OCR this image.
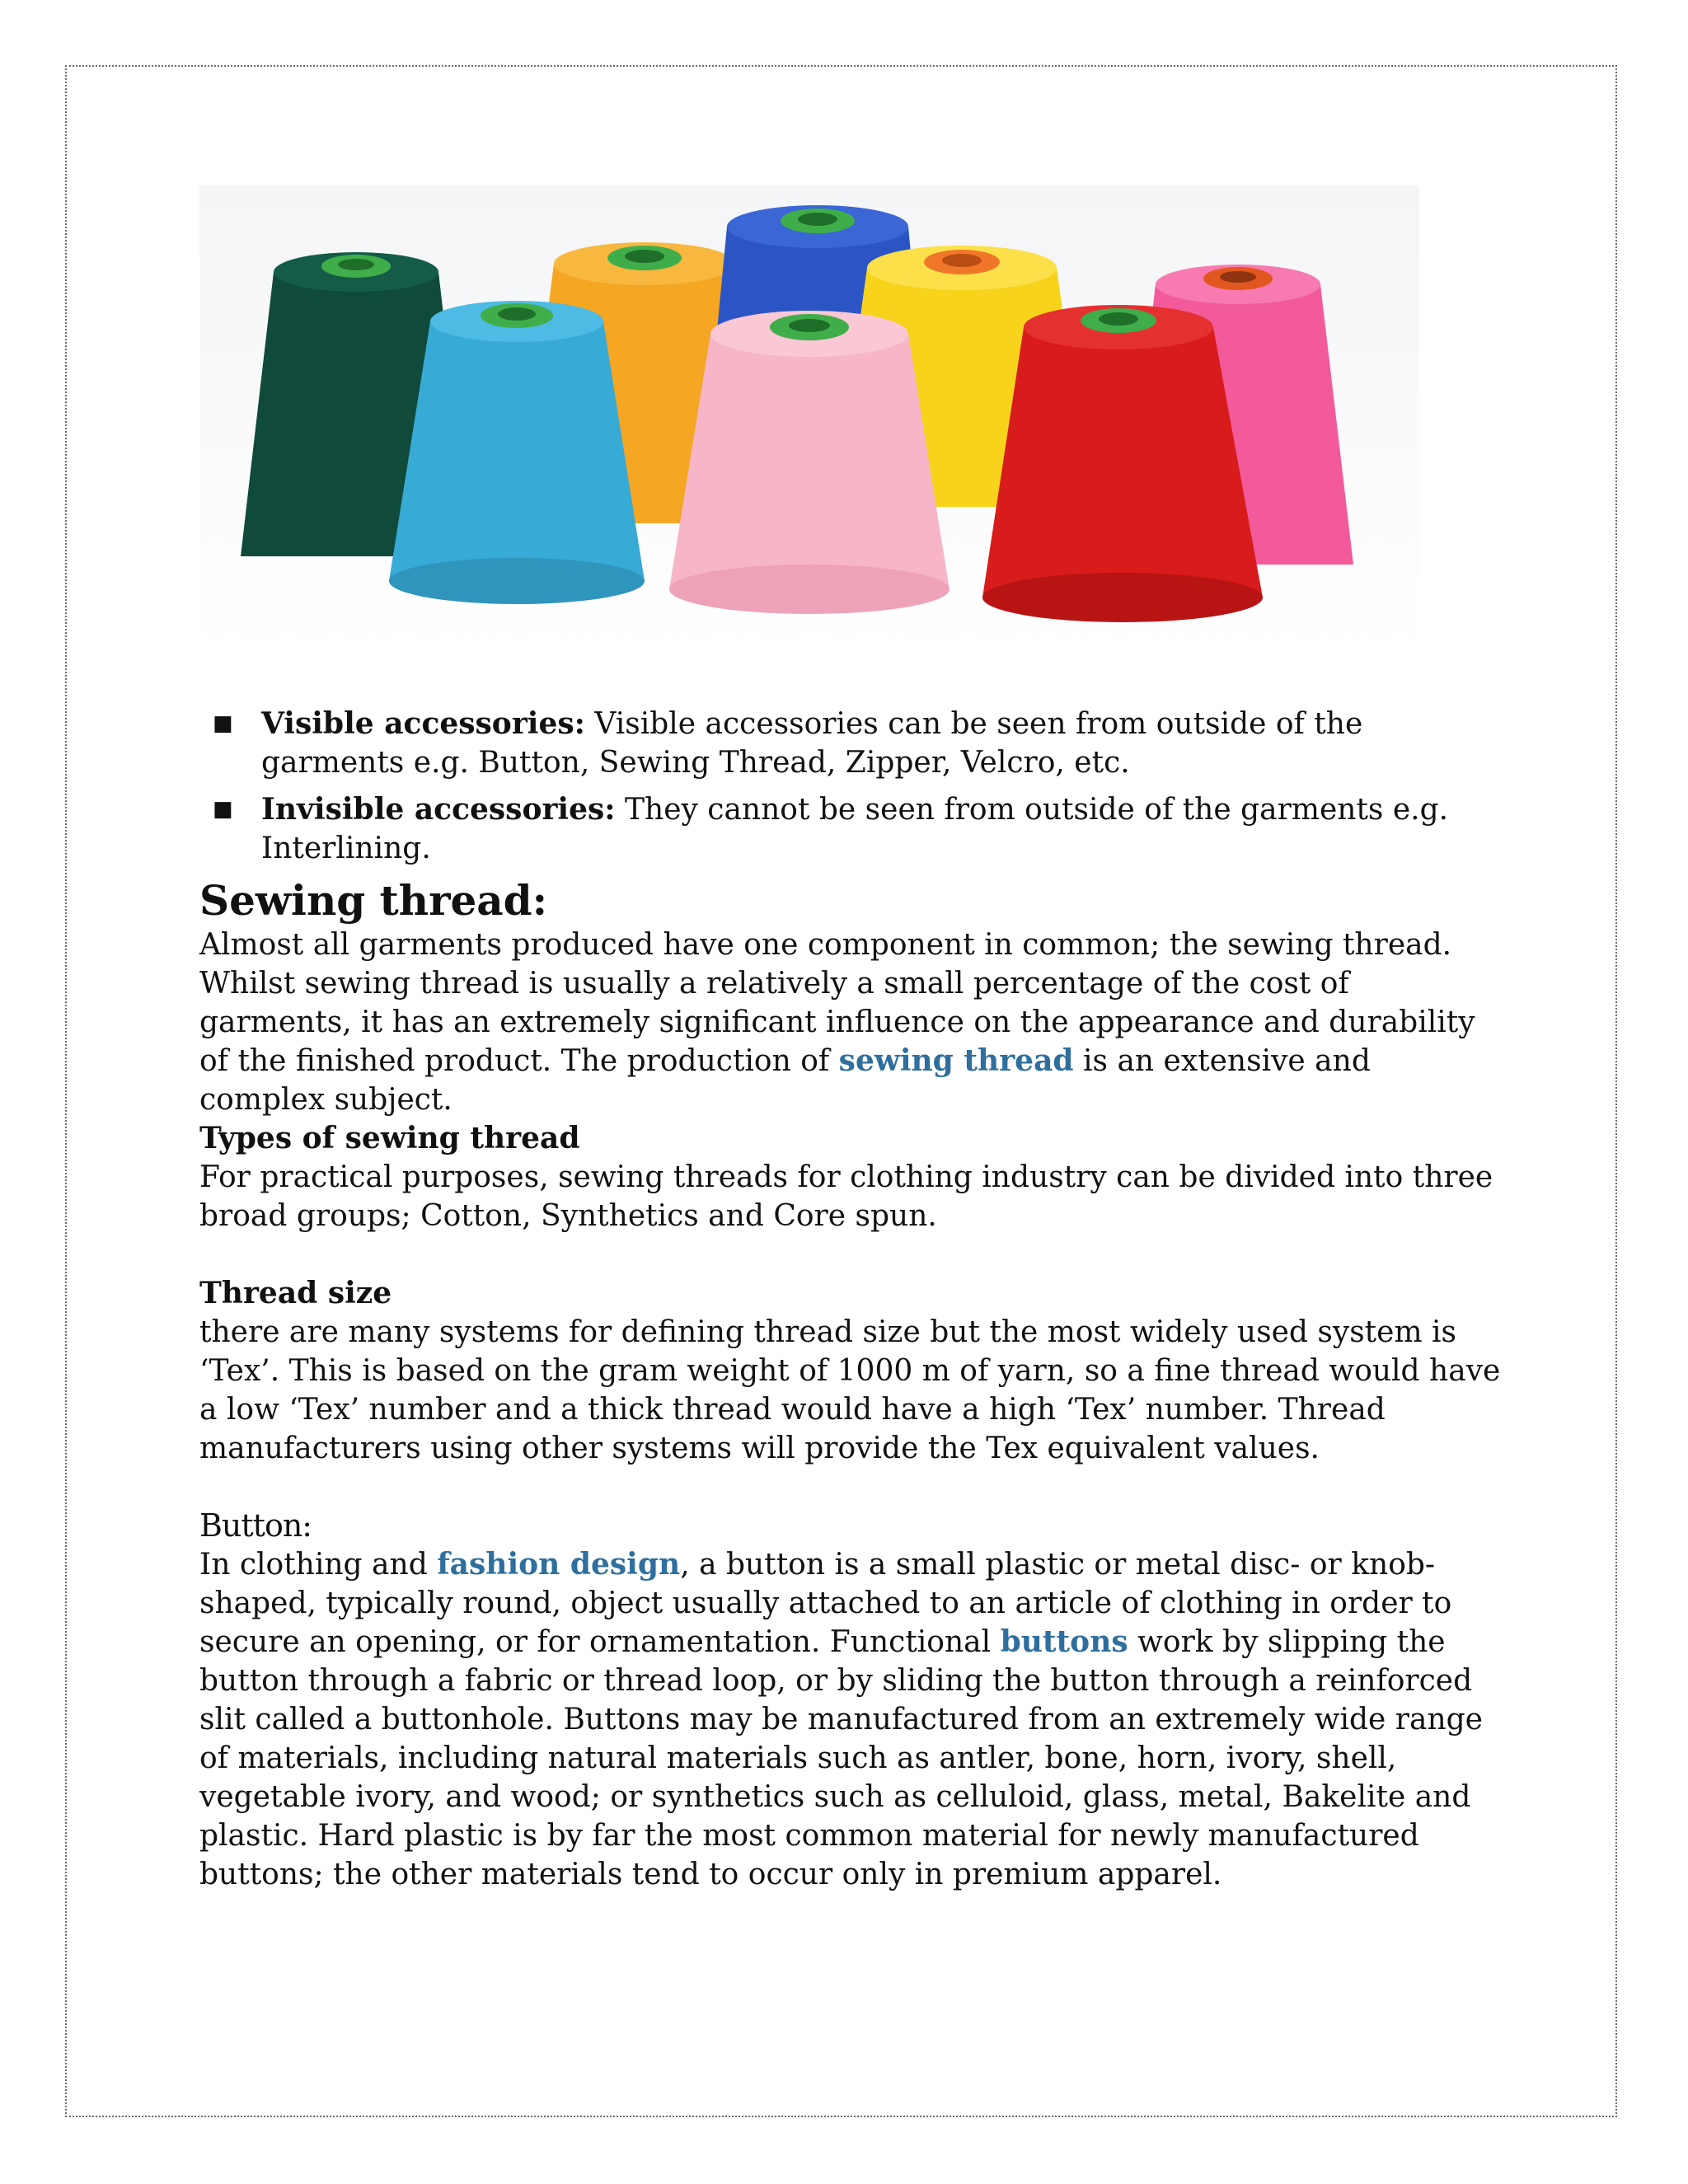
■ Visible accessories: Visible accessories can be seen from outside of the garments e.g. Button, Sewing Thread, Zipper, Velcro, etc.
■ Invisible accessories: They cannot be seen from outside of the garments e.g. Interlining.

Sewing thread:

Almost all garments produced have one component in common; the sewing thread. Whilst sewing thread is usually a relatively a small percentage of the cost of garments, it has an extremely significant influence on the appearance and durability of the finished product. The production of sewing thread is an extensive and complex subject.

Types of sewing thread

For practical purposes, sewing threads for clothing industry can be divided into three broad groups; Cotton, Synthetics and Core spun.

Thread size

there are many systems for defining thread size but the most widely used system is ‘Tex’. This is based on the gram weight of 1000 m of yarn, so a fine thread would have a low ‘Tex’ number and a thick thread would have a high ‘Tex’ number. Thread manufacturers using other systems will provide the Tex equivalent values.

Button:

In clothing and fashion design, a button is a small plastic or metal disc- or knob-shaped, typically round, object usually attached to an article of clothing in order to secure an opening, or for ornamentation. Functional buttons work by slipping the button through a fabric or thread loop, or by sliding the button through a reinforced slit called a buttonhole. Buttons may be manufactured from an extremely wide range of materials, including natural materials such as antler, bone, horn, ivory, shell, vegetable ivory, and wood; or synthetics such as celluloid, glass, metal, Bakelite and plastic. Hard plastic is by far the most common material for newly manufactured buttons; the other materials tend to occur only in premium apparel.
